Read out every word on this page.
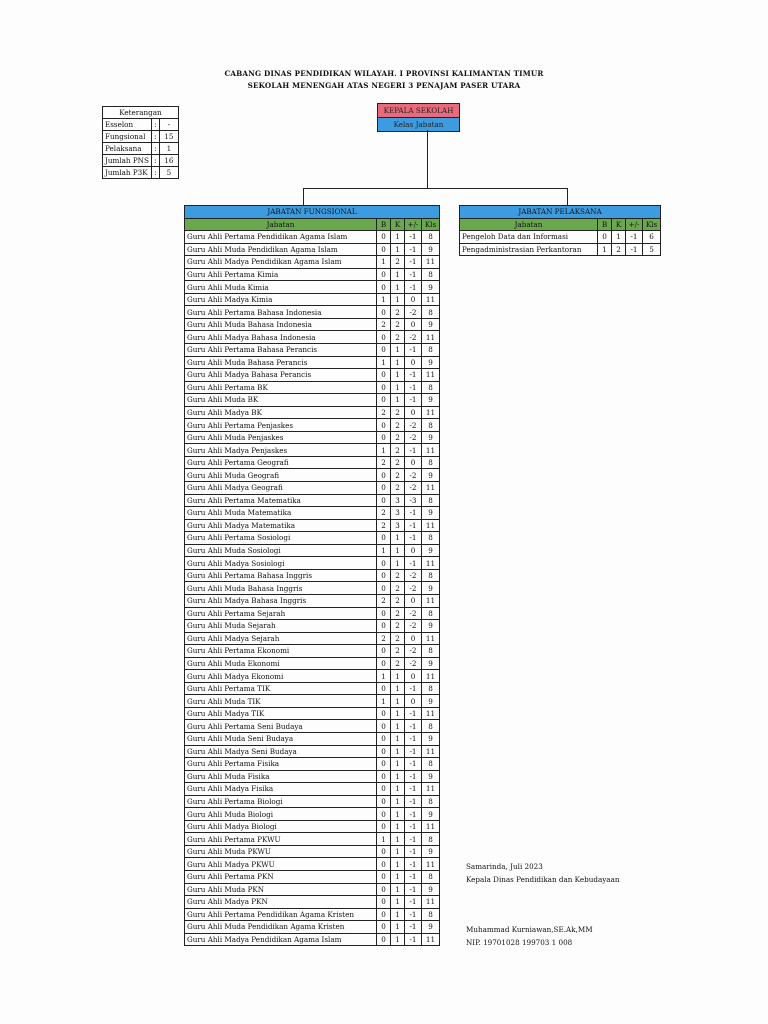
CABANG DINAS PENDIDIKAN WILAYAH. I PROVINSI KALIMANTAN TIMUR
SEKOLAH MENENGAH ATAS NEGERI 3 PENAJAM PASER UTARA
Keterangan		
Esselon	:	-
Fungsional	:	15
Pelaksana	:	1
Jumlah PNS	:	16
Jumlah P3K	:	5
KEPALA SEKOLAH
Kelas Jabatan
JABATAN FUNGSIONAL				
Jabatan	B	K	+/-	Kls
Guru Ahli Pertama Pendidikan Agama Islam	0	1	-1	8
Guru Ahli Muda Pendidikan Agama Islam	0	1	-1	9
Guru Ahli Madya Pendidikan Agama Islam	1	2	-1	11
Guru Ahli Pertama Kimia	0	1	-1	8
Guru Ahli Muda Kimia	0	1	-1	9
Guru Ahli Madya Kimia	1	1	0	11
Guru Ahli Pertama Bahasa Indonesia	0	2	-2	8
Guru Ahli Muda Bahasa Indonesia	2	2	0	9
Guru Ahli Madya Bahasa Indonesia	0	2	-2	11
Guru Ahli Pertama Bahasa Perancis	0	1	-1	8
Guru Ahli Muda Bahasa Perancis	1	1	0	9
Guru Ahli Madya Bahasa Perancis	0	1	-1	11
Guru Ahli Pertama BK	0	1	-1	8
Guru Ahli Muda BK	0	1	-1	9
Guru Ahli Madya BK	2	2	0	11
Guru Ahli Pertama Penjaskes	0	2	-2	8
Guru Ahli Muda Penjaskes	0	2	-2	9
Guru Ahli Madya Penjaskes	1	2	-1	11
Guru Ahli Pertama Geografi	2	2	0	8
Guru Ahli Muda Geografi	0	2	-2	9
Guru Ahli Madya Geografi	0	2	-2	11
Guru Ahli Pertama Matematika	0	3	-3	8
Guru Ahli Muda Matematika	2	3	-1	9
Guru Ahli Madya Matematika	2	3	-1	11
Guru Ahli Pertama Sosiologi	0	1	-1	8
Guru Ahli Muda Sosiologi	1	1	0	9
Guru Ahli Madya Sosiologi	0	1	-1	11
Guru Ahli Pertama Bahasa Inggris	0	2	-2	8
Guru Ahli Muda Bahasa Inggris	0	2	-2	9
Guru Ahli Madya Bahasa Inggris	2	2	0	11
Guru Ahli Pertama Sejarah	0	2	-2	8
Guru Ahli Muda Sejarah	0	2	-2	9
Guru Ahli Madya Sejarah	2	2	0	11
Guru Ahli Pertama Ekonomi	0	2	-2	8
Guru Ahli Muda Ekonomi	0	2	-2	9
Guru Ahli Madya Ekonomi	1	1	0	11
Guru Ahli Pertama TIK	0	1	-1	8
Guru Ahli Muda TIK	1	1	0	9
Guru Ahli Madya TIK	0	1	-1	11
Guru Ahli Pertama Seni Budaya	0	1	-1	8
Guru Ahli Muda Seni Budaya	0	1	-1	9
Guru Ahli Madya Seni Budaya	0	1	-1	11
Guru Ahli Pertama Fisika	0	1	-1	8
Guru Ahli Muda Fisika	0	1	-1	9
Guru Ahli Madya Fisika	0	1	-1	11
Guru Ahli Pertama Biologi	0	1	-1	8
Guru Ahli Muda Biologi	0	1	-1	9
Guru Ahli Madya Biologi	0	1	-1	11
Guru Ahli Pertama PKWU	1	1	-1	8
Guru Ahli Muda PKWU	0	1	-1	9
Guru Ahli Madya PKWU	0	1	-1	11
Guru Ahli Pertama PKN	0	1	-1	8
Guru Ahli Muda PKN	0	1	-1	9
Guru Ahli Madya PKN	0	1	-1	11
Guru Ahli Pertama Pendidikan Agama Kristen	0	1	-1	8
Guru Ahli Muda Pendidikan Agama Kristen	0	1	-1	9
Guru Ahli Madya Pendidikan Agama Islam	0	1	-1	11
JABATAN PELAKSANA				
Jabatan	B	K	+/-	Kls
Pengeloh Data dan Informasi	0	1	-1	6
Pengadministrasian Perkantoran	1	2	-1	5
Samarinda, Juli 2023
Kepala Dinas Pendidikan dan Kebudayaan
Muhammad Kurniawan,SE.Ak,MM
NIP. 19701028 199703 1 008
